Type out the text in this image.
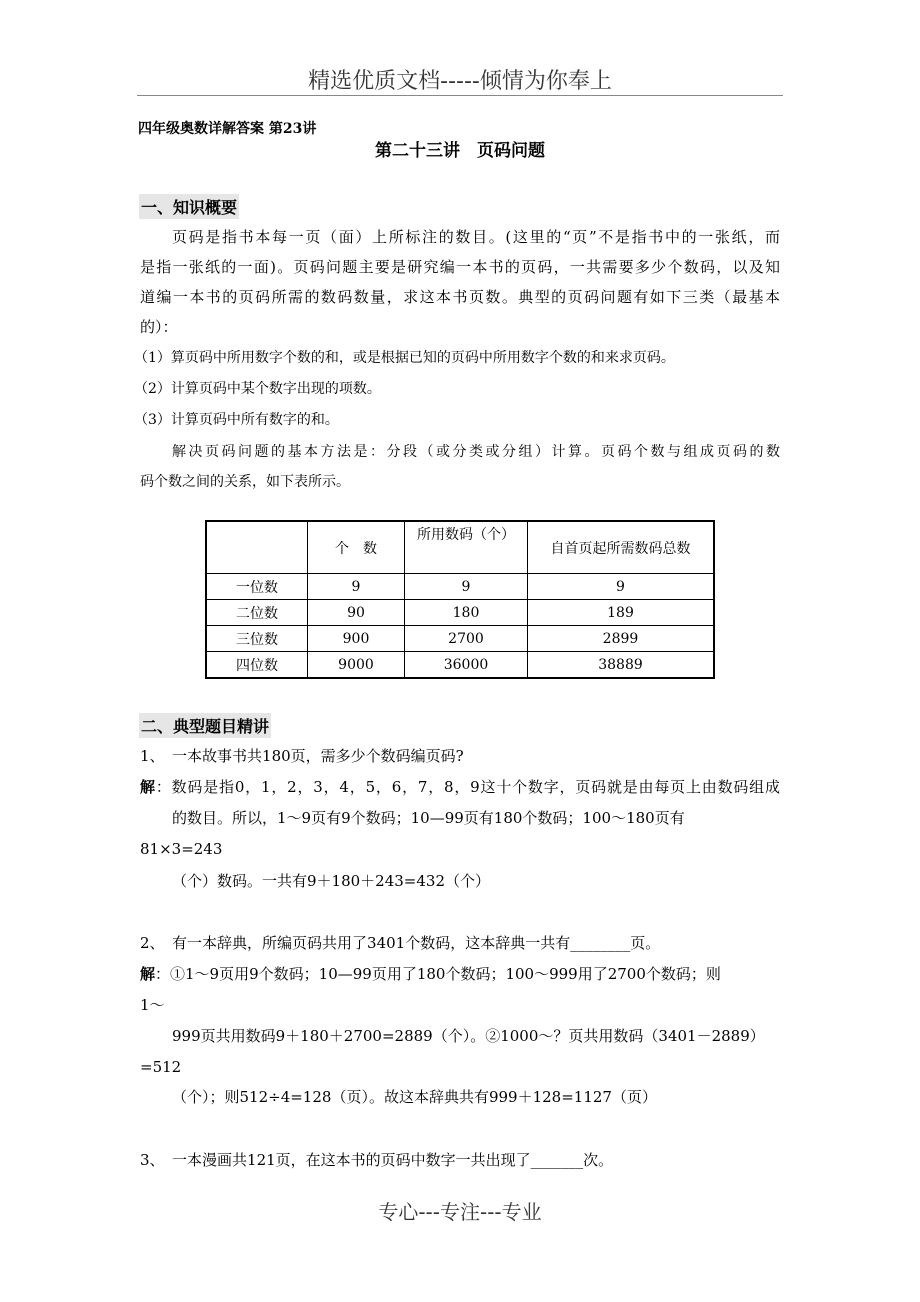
精选优质文档-----倾情为你奉上
四年级奥数详解答案 第23讲
第二十三讲　页码问题
一、知识概要
页码是指书本每一页（面）上所标注的数目。(这里的“页”不是指书中的一张纸，而
是指一张纸的一面)。页码问题主要是研究编一本书的页码，一共需要多少个数码，以及知
道编一本书的页码所需的数码数量，求这本书页数。典型的页码问题有如下三类（最基本
的）：
（1）算页码中所用数字个数的和，或是根据已知的页码中所用数字个数的和来求页码。
（2）计算页码中某个数字出现的项数。
（3）计算页码中所有数字的和。
解决页码问题的基本方法是：分段（或分类或分组）计算。页码个数与组成页码的数
码个数之间的关系，如下表所示。
	个　数	所用数码（个）	自首页起所需数码总数
一位数	9	9	9
二位数	90	180	189
三位数	900	2700	2899
四位数	9000	36000	38889
二、典型题目精讲
1、　一本故事书共180页，需多少个数码编页码?
解：数码是指0，1，2，3，4，5，6，7，8，9这十个数字，页码就是由每页上由数码组成
的数目。所以，1～9页有9个数码；10—99页有180个数码；100～180页有
81×3=243
（个）数码。一共有9＋180＋243=432（个）
2、　有一本辞典，所编页码共用了3401个数码，这本辞典一共有________页。
解：①1～9页用9个数码；10—99页用了180个数码；100～999用了2700个数码；则
1～
999页共用数码9＋180＋2700=2889（个）。②1000～？页共用数码（3401－2889）
=512
（个）；则512÷4=128（页）。故这本辞典共有999＋128=1127（页）
3、　一本漫画共121页，在这本书的页码中数字一共出现了_______次。
专心---专注---专业
